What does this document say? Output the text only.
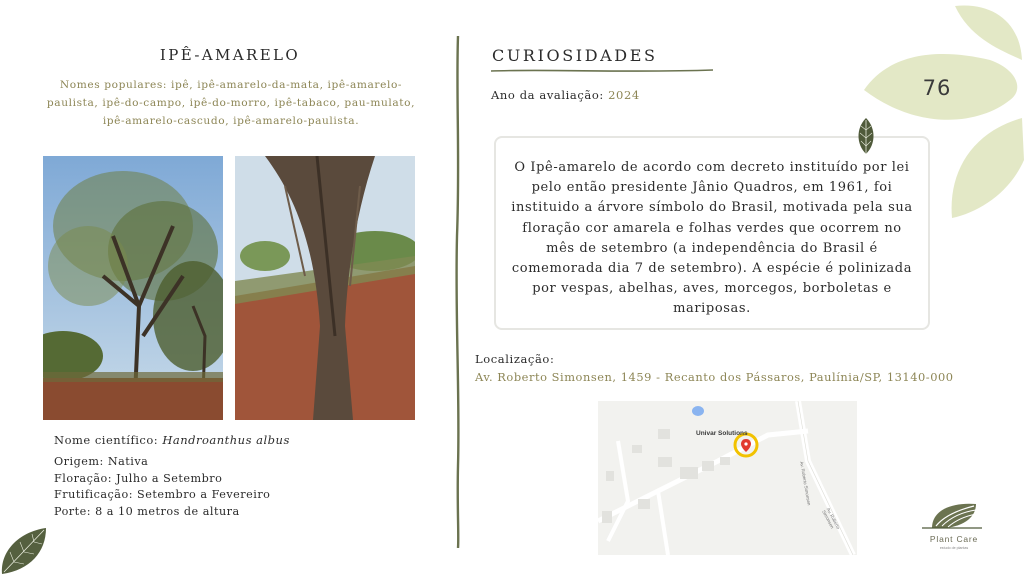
IPÊ-AMARELO
Nomes populares: ipê, ipê-amarelo-da-mata, ipê-amarelo-paulista, ipê-do-campo, ipê-do-morro, ipê-tabaco, pau-mulato, ipê-amarelo-cascudo, ipê-amarelo-paulista.
Nome científico: Handroanthus albus
Origem: Nativa
Floração: Julho a Setembro
Frutificação: Setembro a Fevereiro
Porte: 8 a 10 metros de altura
CURIOSIDADES
Ano da avaliação: 2024
O Ipê-amarelo de acordo com decreto instituído por lei pelo então presidente Jânio Quadros, em 1961, foi instituido a árvore símbolo do Brasil, motivada pela sua floração cor amarela e folhas verdes que ocorrem no mês de setembro (a independência do Brasil é comemorada dia 7 de setembro). A espécie é polinizada por vespas, abelhas, aves, morcegos, borboletas e mariposas.
Localização:
Av. Roberto Simonsen, 1459 - Recanto dos Pássaros, Paulínia/SP, 13140-000
Univar Solutions
Av. Roberto Simonsen
Av. Roberto Simonsen
76
Plant Care
estudo de plantas
